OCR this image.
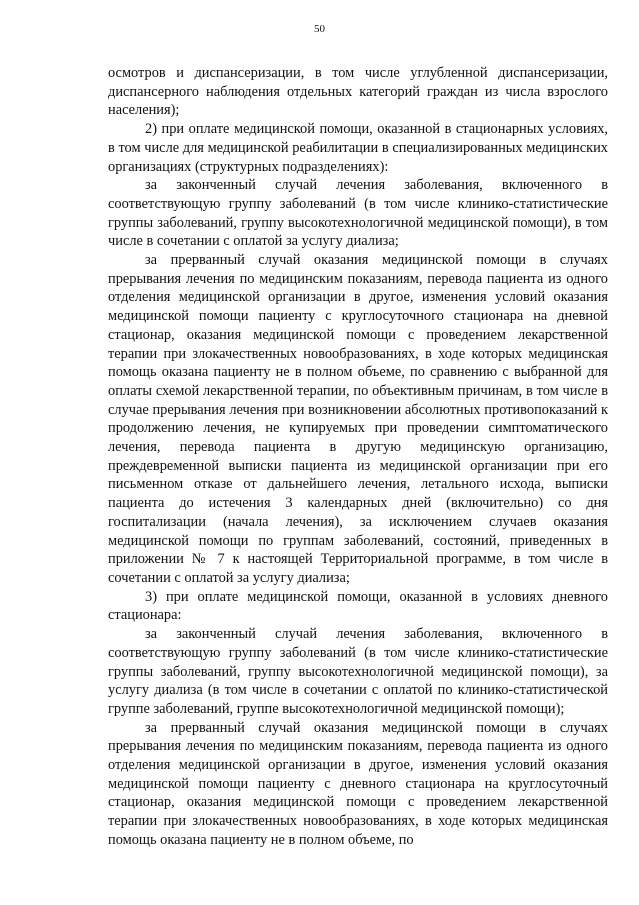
50

осмотров и диспансеризации, в том числе углубленной диспансеризации, диспансерного наблюдения отдельных категорий граждан из числа взрослого населения);

2) при оплате медицинской помощи, оказанной в стационарных условиях, в том числе для медицинской реабилитации в специализированных медицинских организациях (структурных подразделениях):

за законченный случай лечения заболевания, включенного в соответствующую группу заболеваний (в том числе клинико-статистические группы заболеваний, группу высокотехнологичной медицинской помощи), в том числе в сочетании с оплатой за услугу диализа;

за прерванный случай оказания медицинской помощи в случаях прерывания лечения по медицинским показаниям, перевода пациента из одного отделения медицинской организации в другое, изменения условий оказания медицинской помощи пациенту с круглосуточного стационара на дневной стационар, оказания медицинской помощи с проведением лекарственной терапии при злокачественных новообразованиях, в ходе которых медицинская помощь оказана пациенту не в полном объеме, по сравнению с выбранной для оплаты схемой лекарственной терапии, по объективным причинам, в том числе в случае прерывания лечения при возникновении абсолютных противопоказаний к продолжению лечения, не купируемых при проведении симптоматического лечения, перевода пациента в другую медицинскую организацию, преждевременной выписки пациента из медицинской организации при его письменном отказе от дальнейшего лечения, летального исхода, выписки пациента до истечения 3 календарных дней (включительно) со дня госпитализации (начала лечения), за исключением случаев оказания медицинской помощи по группам заболеваний, состояний, приведенных в приложении № 7 к настоящей Территориальной программе, в том числе в сочетании с оплатой за услугу диализа;

3) при оплате медицинской помощи, оказанной в условиях дневного стационара:

за законченный случай лечения заболевания, включенного в соответствующую группу заболеваний (в том числе клинико-статистические группы заболеваний, группу высокотехнологичной медицинской помощи), за услугу диализа (в том числе в сочетании с оплатой по клинико-статистической группе заболеваний, группе высокотехнологичной медицинской помощи);

за прерванный случай оказания медицинской помощи в случаях прерывания лечения по медицинским показаниям, перевода пациента из одного отделения медицинской организации в другое, изменения условий оказания медицинской помощи пациенту с дневного стационара на круглосуточный стационар, оказания медицинской помощи с проведением лекарственной терапии при злокачественных новообразованиях, в ходе которых медицинская помощь оказана пациенту не в полном объеме, по
